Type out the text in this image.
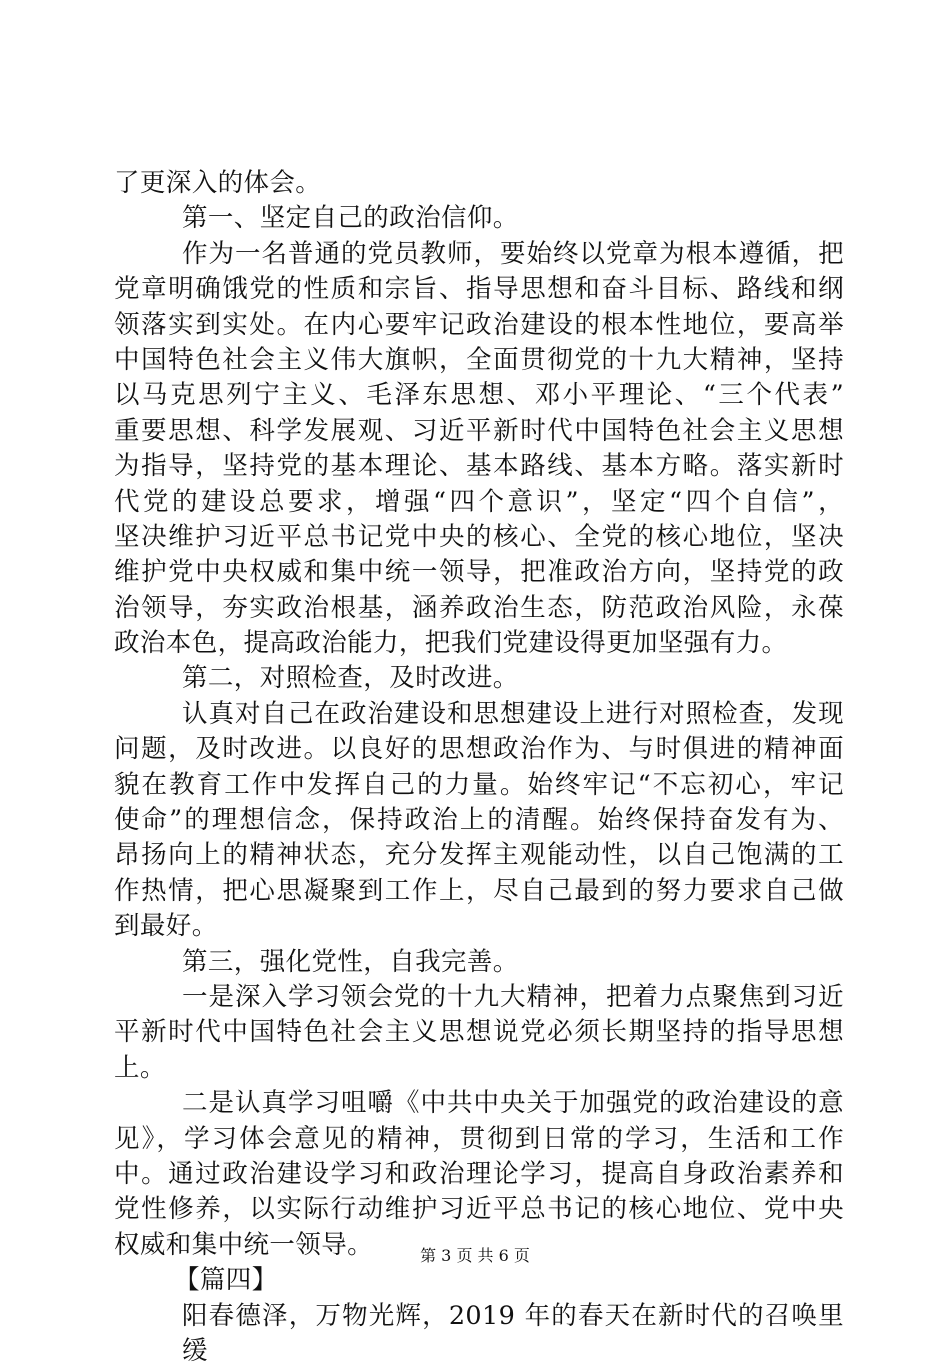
了更深入的体会。
第一、坚定自己的政治信仰。
作为一名普通的党员教师，要始终以党章为根本遵循，把
党章明确饿党的性质和宗旨、指导思想和奋斗目标、路线和纲
领落实到实处。在内心要牢记政治建设的根本性地位，要高举
中国特色社会主义伟大旗帜，全面贯彻党的十九大精神，坚持
以马克思列宁主义、毛泽东思想、邓小平理论、“三个代表”
重要思想、科学发展观、习近平新时代中国特色社会主义思想
为指导，坚持党的基本理论、基本路线、基本方略。落实新时
代党的建设总要求，增强“四个意识”，坚定“四个自信”，
坚决维护习近平总书记党中央的核心、全党的核心地位，坚决
维护党中央权威和集中统一领导，把准政治方向，坚持党的政
治领导，夯实政治根基，涵养政治生态，防范政治风险，永葆
政治本色，提高政治能力，把我们党建设得更加坚强有力。
第二，对照检查，及时改进。
认真对自己在政治建设和思想建设上进行对照检查，发现
问题，及时改进。以良好的思想政治作为、与时俱进的精神面
貌在教育工作中发挥自己的力量。始终牢记“不忘初心，牢记
使命”的理想信念，保持政治上的清醒。始终保持奋发有为、
昂扬向上的精神状态，充分发挥主观能动性，以自己饱满的工
作热情，把心思凝聚到工作上，尽自己最到的努力要求自己做
到最好。
第三，强化党性，自我完善。
一是深入学习领会党的十九大精神，把着力点聚焦到习近
平新时代中国特色社会主义思想说党必须长期坚持的指导思想
上。
二是认真学习咀嚼《中共中央关于加强党的政治建设的意
见》，学习体会意见的精神，贯彻到日常的学习，生活和工作
中。通过政治建设学习和政治理论学习，提高自身政治素养和
党性修养，以实际行动维护习近平总书记的核心地位、党中央
权威和集中统一领导。
【篇四】
阳春德泽，万物光辉，2019 年的春天在新时代的召唤里缓
第 3 页 共 6 页
